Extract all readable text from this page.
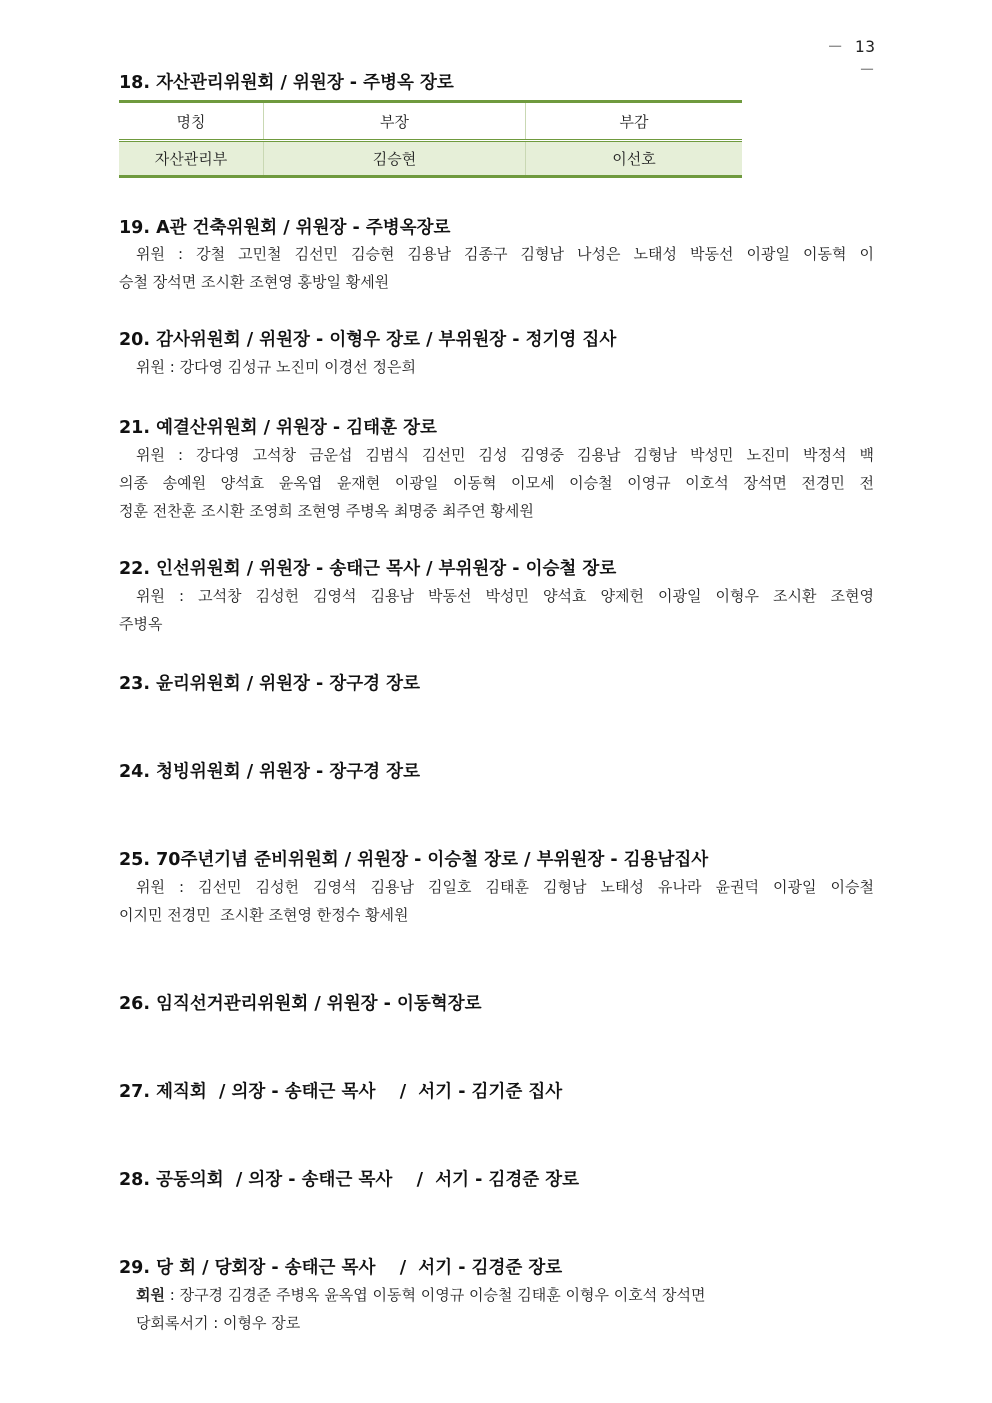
－ 13 －
18. 자산관리위원회 / 위원장 - 주병옥 장로
명칭	부장	부감
자산관리부	김승현	이선호
19. A관 건축위원회 / 위원장 - 주병옥장로
위원 : 강철 고민철 김선민 김승현 김용남 김종구 김형남 나성은 노태성 박동선 이광일 이동혁 이
승철 장석면 조시환 조현영 홍방일 황세원
20. 감사위원회 / 위원장 - 이형우 장로 / 부위원장 - 정기영 집사
위원 : 강다영 김성규 노진미 이경선 정은희
21. 예결산위원회 / 위원장 - 김태훈 장로
위원 : 강다영 고석창 금운섭 김범식 김선민 김성 김영중 김용남 김형남 박성민 노진미 박정석 백
의종 송예원 양석효 윤옥엽 윤재현 이광일 이동혁 이모세 이승철 이영규 이호석 장석면 전경민 전
정훈 전찬훈 조시환 조영희 조현영 주병옥 최명중 최주연 황세원
22. 인선위원회 / 위원장 - 송태근 목사 / 부위원장 - 이승철 장로
위원 : 고석창 김성헌 김영석 김용남 박동선 박성민 양석효 양제헌 이광일 이형우 조시환 조현영
주병옥
23. 윤리위원회 / 위원장 - 장구경 장로
24. 청빙위원회 / 위원장 - 장구경 장로
25. 70주년기념 준비위원회 / 위원장 - 이승철 장로 / 부위원장 - 김용남집사
위원 : 김선민 김성헌 김영석 김용남 김일호 김태훈 김형남 노태성 유나라 윤권덕 이광일 이승철
이지민 전경민  조시환 조현영 한정수 황세원
26. 임직선거관리위원회 / 위원장 - 이동혁장로
27. 제직회  / 의장 - 송태근 목사    /  서기 - 김기준 집사
28. 공동의회  / 의장 - 송태근 목사    /  서기 - 김경준 장로
29. 당 회 / 당회장 - 송태근 목사    /  서기 - 김경준 장로
회원 : 장구경 김경준 주병옥 윤옥엽 이동혁 이영규 이승철 김태훈 이형우 이호석 장석면
당회록서기 : 이형우 장로
